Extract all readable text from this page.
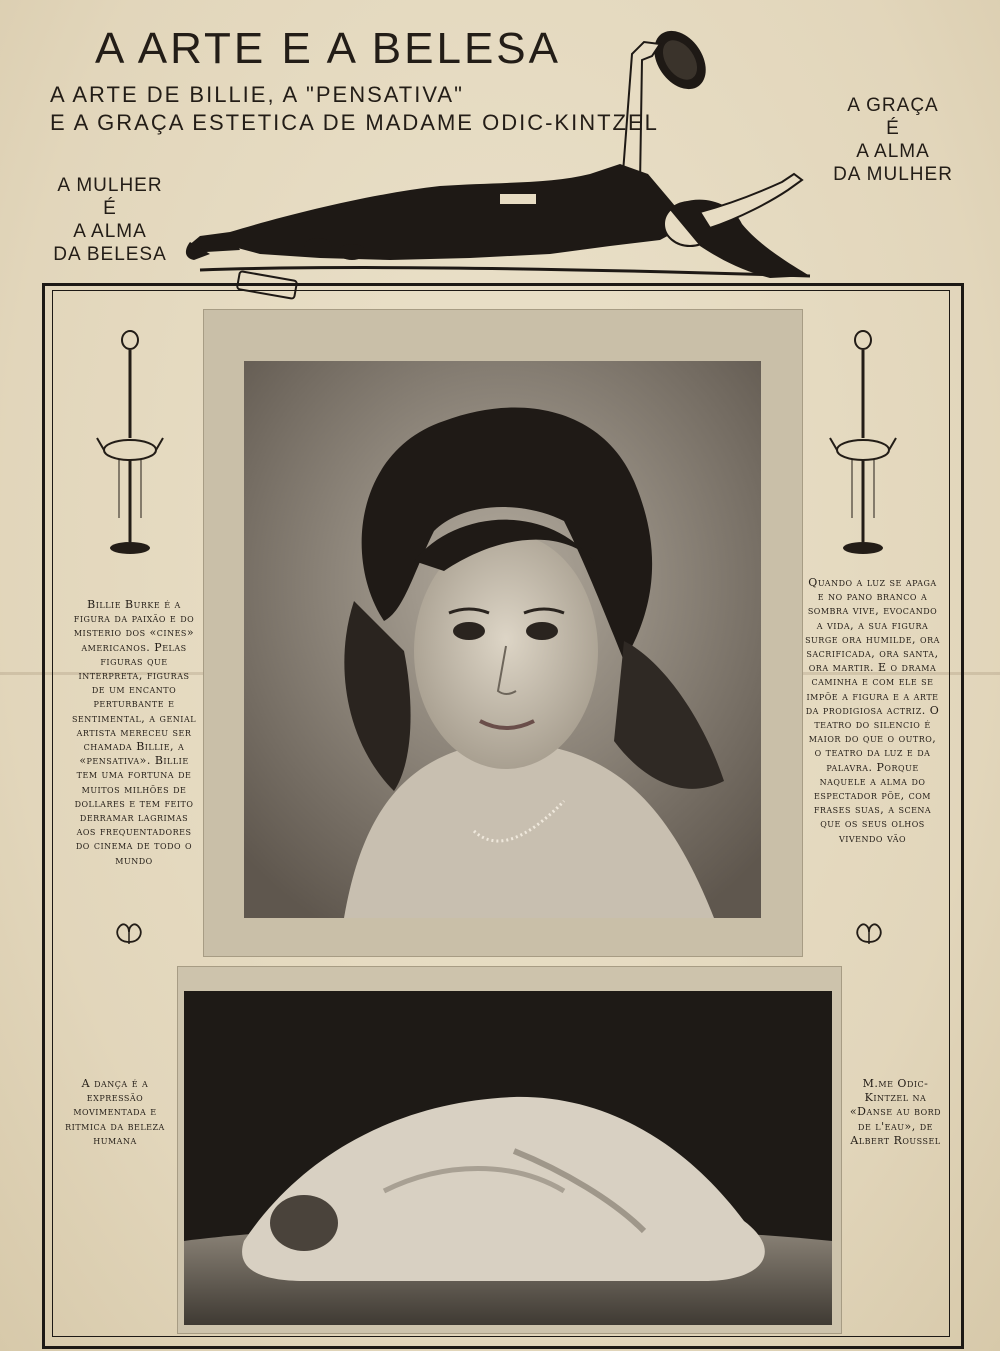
A ARTE E A BELESA
A ARTE DE BILLIE, A "PENSATIVA"
E A GRAÇA ESTETICA DE MADAME ODIC-KINTZEL
A MULHER
É
A ALMA
DA BELESA
A GRAÇA
É
A ALMA
DA MULHER
Billie Burke é a figura da paixão e do misterio dos «cines» americanos. Pelas figuras que interpreta, figuras de um encanto perturbante e sentimental, a genial artista mereceu ser chamada Billie, a «pensativa». Billie tem uma fortuna de muitos milhões de dollares e tem feito derramar lagrimas aos frequentadores do cinema de todo o mundo
Quando a luz se apaga e no pano branco a sombra vive, evocando a vida, a sua figura surge ora humilde, ora sacrificada, ora santa, ora martir. E o drama caminha e com ele se impõe a figura e a arte da prodigiosa actriz. O teatro do silencio é maior do que o outro, o teatro da luz e da palavra. Porque naquele a alma do espectador põe, com frases suas, a scena que os seus olhos vivendo vão
A dança é a expressão movimentada e ritmica da beleza humana
M.me Odic-Kintzel na «Danse au bord de l'eau», de Albert Roussel
